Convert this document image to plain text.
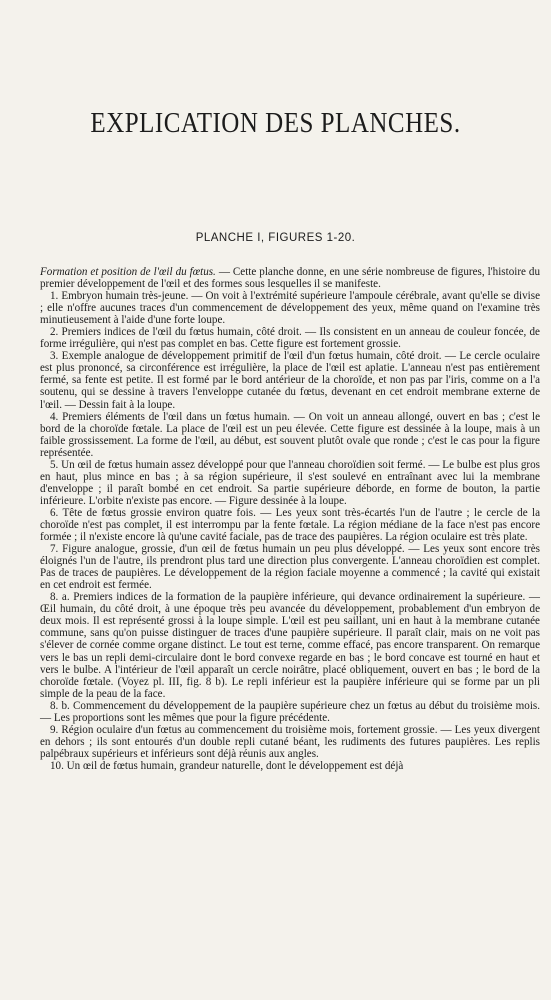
EXPLICATION DES PLANCHES.
PLANCHE I, FIGURES 1-20.

Formation et position de l'œil du fœtus. — Cette planche donne, en une série nombreuse de figures, l'histoire du premier développement de l'œil et des formes sous lesquelles il se manifeste.

1. Embryon humain très-jeune. — On voit à l'extrémité supérieure l'ampoule cérébrale, avant qu'elle se divise ; elle n'offre aucunes traces d'un commencement de développement des yeux, même quand on l'examine très minutieusement à l'aide d'une forte loupe.

2. Premiers indices de l'œil du fœtus humain, côté droit. — Ils consistent en un anneau de couleur foncée, de forme irrégulière, qui n'est pas complet en bas. Cette figure est fortement grossie.

3. Exemple analogue de développement primitif de l'œil d'un fœtus humain, côté droit. — Le cercle oculaire est plus prononcé, sa circonférence est irrégulière, la place de l'œil est aplatie. L'anneau n'est pas entièrement fermé, sa fente est petite. Il est formé par le bord antérieur de la choroïde, et non pas par l'iris, comme on a l'a soutenu, qui se dessine à travers l'enveloppe cutanée du fœtus, devenant en cet endroit membrane externe de l'œil. — Dessin fait à la loupe.

4. Premiers éléments de l'œil dans un fœtus humain. — On voit un anneau allongé, ouvert en bas ; c'est le bord de la choroïde fœtale. La place de l'œil est un peu élevée. Cette figure est dessinée à la loupe, mais à un faible grossissement. La forme de l'œil, au début, est souvent plutôt ovale que ronde ; c'est le cas pour la figure représentée.

5. Un œil de fœtus humain assez développé pour que l'anneau choroïdien soit fermé. — Le bulbe est plus gros en haut, plus mince en bas ; à sa région supérieure, il s'est soulevé en entraînant avec lui la membrane d'enveloppe ; il paraît bombé en cet endroit. Sa partie supérieure déborde, en forme de bouton, la partie inférieure. L'orbite n'existe pas encore. — Figure dessinée à la loupe.

6. Tête de fœtus grossie environ quatre fois. — Les yeux sont très-écartés l'un de l'autre ; le cercle de la choroïde n'est pas complet, il est interrompu par la fente fœtale. La région médiane de la face n'est pas encore formée ; il n'existe encore là qu'une cavité faciale, pas de trace des paupières. La région oculaire est très plate.

7. Figure analogue, grossie, d'un œil de fœtus humain un peu plus développé. — Les yeux sont encore très éloignés l'un de l'autre, ils prendront plus tard une direction plus convergente. L'anneau choroïdien est complet. Pas de traces de paupières. Le développement de la région faciale moyenne a commencé ; la cavité qui existait en cet endroit est fermée.

8. a. Premiers indices de la formation de la paupière inférieure, qui devance ordinairement la supérieure. — Œil humain, du côté droit, à une époque très peu avancée du développement, probablement d'un embryon de deux mois. Il est représenté grossi à la loupe simple. L'œil est peu saillant, uni en haut à la membrane cutanée commune, sans qu'on puisse distinguer de traces d'une paupière supérieure. Il paraît clair, mais on ne voit pas s'élever de cornée comme organe distinct. Le tout est terne, comme effacé, pas encore transparent. On remarque vers le bas un repli demi-circulaire dont le bord convexe regarde en bas ; le bord concave est tourné en haut et vers le bulbe. A l'intérieur de l'œil apparaît un cercle noirâtre, placé obliquement, ouvert en bas ; le bord de la choroïde fœtale. (Voyez pl. III, fig. 8 b). Le repli inférieur est la paupière inférieure qui se forme par un pli simple de la peau de la face.

8. b. Commencement du développement de la paupière supérieure chez un fœtus au début du troisième mois. — Les proportions sont les mêmes que pour la figure précédente.

9. Région oculaire d'un fœtus au commencement du troisième mois, fortement grossie. — Les yeux divergent en dehors ; ils sont entourés d'un double repli cutané béant, les rudiments des futures paupières. Les replis palpébraux supérieurs et inférieurs sont déjà réunis aux angles.

10. Un œil de fœtus humain, grandeur naturelle, dont le développement est déjà
